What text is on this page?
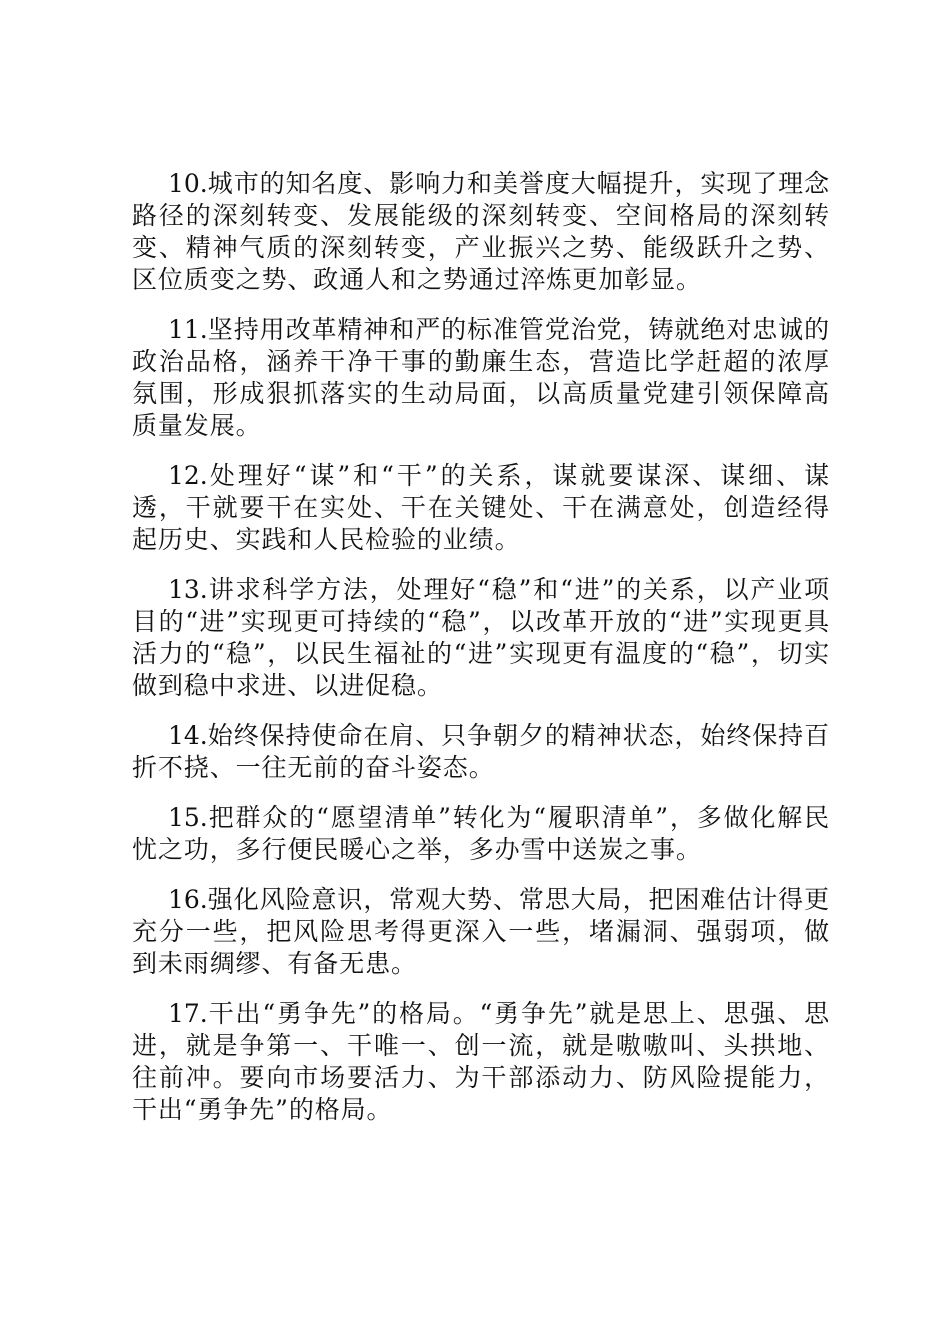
10.城市的知名度、影响力和美誉度大幅提升，实现了理念路径的深刻转变、发展能级的深刻转变、空间格局的深刻转变、精神气质的深刻转变，产业振兴之势、能级跃升之势、区位质变之势、政通人和之势通过淬炼更加彰显。

11.坚持用改革精神和严的标准管党治党，铸就绝对忠诚的政治品格，涵养干净干事的勤廉生态，营造比学赶超的浓厚氛围，形成狠抓落实的生动局面，以高质量党建引领保障高质量发展。

12.处理好“谋”和“干”的关系，谋就要谋深、谋细、谋透，干就要干在实处、干在关键处、干在满意处，创造经得起历史、实践和人民检验的业绩。

13.讲求科学方法，处理好“稳”和“进”的关系，以产业项目的“进”实现更可持续的“稳”，以改革开放的“进”实现更具活力的“稳”，以民生福祉的“进”实现更有温度的“稳”，切实做到稳中求进、以进促稳。

14.始终保持使命在肩、只争朝夕的精神状态，始终保持百折不挠、一往无前的奋斗姿态。

15.把群众的“愿望清单”转化为“履职清单”，多做化解民忧之功，多行便民暖心之举，多办雪中送炭之事。

16.强化风险意识，常观大势、常思大局，把困难估计得更充分一些，把风险思考得更深入一些，堵漏洞、强弱项，做到未雨绸缪、有备无患。

17.干出“勇争先”的格局。“勇争先”就是思上、思强、思进，就是争第一、干唯一、创一流，就是嗷嗷叫、头拱地、往前冲。要向市场要活力、为干部添动力、防风险提能力，干出“勇争先”的格局。
